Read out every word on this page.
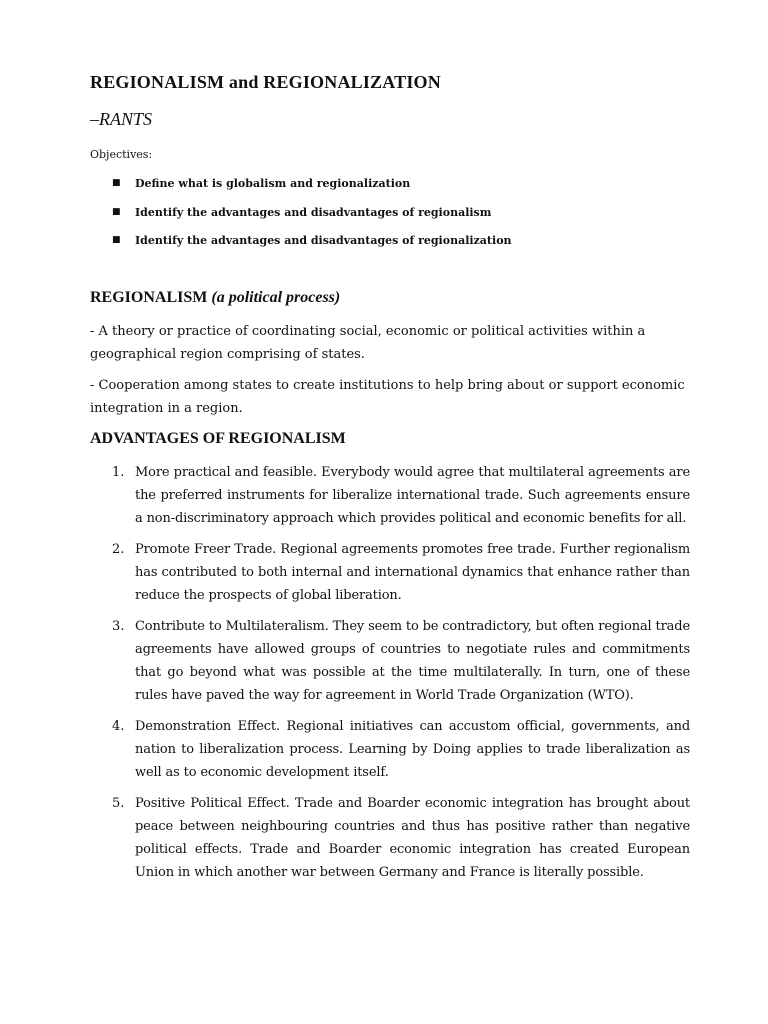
REGIONALISM and REGIONALIZATION
–RANTS
Objectives:
■	Define what is globalism and regionalization
■	Identify the advantages and disadvantages of regionalism
■	Identify the advantages and disadvantages of regionalization
REGIONALISM (a political process)

- A theory or practice of coordinating social, economic or political activities within a geographical region comprising of states.

- Cooperation among states to create institutions to help bring about or support economic integration in a region.

ADVANTAGES OF REGIONALISM
1. More practical and feasible. Everybody would agree that multilateral agreements are the preferred instruments for liberalize international trade. Such agreements ensure a non-discriminatory approach which provides political and economic benefits for all.
2. Promote Freer Trade. Regional agreements promotes free trade. Further regionalism has contributed to both internal and international dynamics that enhance rather than reduce the prospects of global liberation.
3. Contribute to Multilateralism. They seem to be contradictory, but often regional trade agreements have allowed groups of countries to negotiate rules and commitments that go beyond what was possible at the time multilaterally. In turn, one of these rules have paved the way for agreement in World Trade Organization (WTO).
4. Demonstration Effect. Regional initiatives can accustom official, governments, and nation to liberalization process. Learning by Doing applies to trade liberalization as well as to economic development itself.
5. Positive Political Effect. Trade and Boarder economic integration has brought about peace between neighbouring countries and thus has positive rather than negative political effects. Trade and Boarder economic integration has created European Union in which another war between Germany and France is literally possible.
